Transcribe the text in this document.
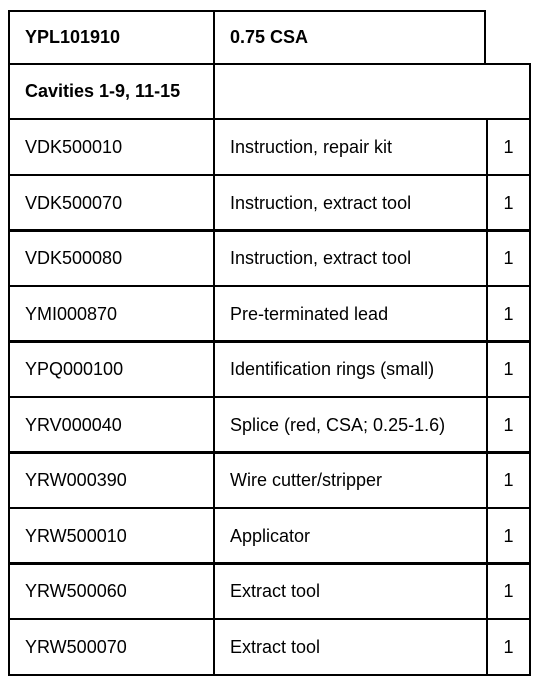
YPL101910	0.75 CSA
Cavities 1-9, 11-15
VDK500010	Instruction, repair kit	1
VDK500070	Instruction, extract tool	1
VDK500080	Instruction, extract tool	1
YMI000870	Pre-terminated lead	1
YPQ000100	Identification rings (small)	1
YRV000040	Splice (red, CSA; 0.25-1.6)	1
YRW000390	Wire cutter/stripper	1
YRW500010	Applicator	1
YRW500060	Extract tool	1
YRW500070	Extract tool	1
